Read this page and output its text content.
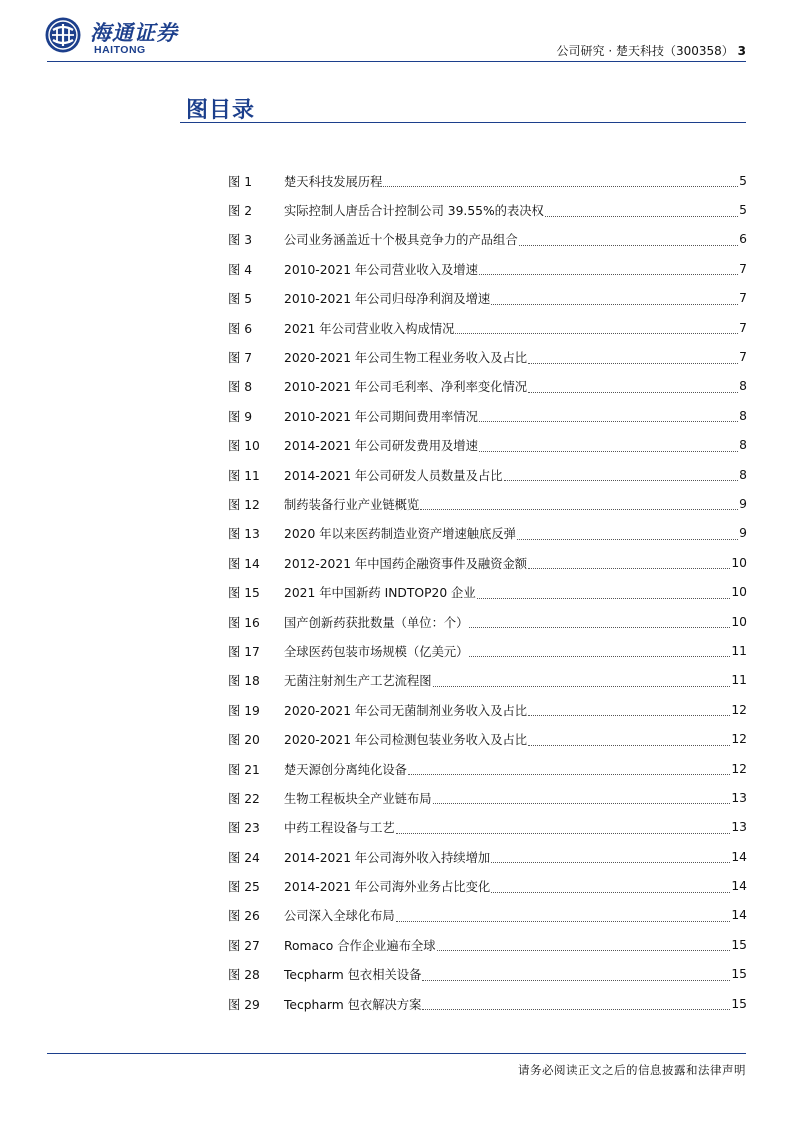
海通证券
HAITONG	公司研究 · 楚天科技（300358） 3
图目录
图 1	楚天科技发展历程	5
图 2	实际控制人唐岳合计控制公司 39.55%的表决权	5
图 3	公司业务涵盖近十个极具竞争力的产品组合	6
图 4	2010-2021 年公司营业收入及增速	7
图 5	2010-2021 年公司归母净利润及增速	7
图 6	2021 年公司营业收入构成情况	7
图 7	2020-2021 年公司生物工程业务收入及占比	7
图 8	2010-2021 年公司毛利率、净利率变化情况	8
图 9	2010-2021 年公司期间费用率情况	8
图 10	2014-2021 年公司研发费用及增速	8
图 11	2014-2021 年公司研发人员数量及占比	8
图 12	制药装备行业产业链概览	9
图 13	2020 年以来医药制造业资产增速触底反弹	9
图 14	2012-2021 年中国药企融资事件及融资金额	10
图 15	2021 年中国新药 INDTOP20 企业	10
图 16	国产创新药获批数量（单位：个）	10
图 17	全球医药包装市场规模（亿美元）	11
图 18	无菌注射剂生产工艺流程图	11
图 19	2020-2021 年公司无菌制剂业务收入及占比	12
图 20	2020-2021 年公司检测包装业务收入及占比	12
图 21	楚天源创分离纯化设备	12
图 22	生物工程板块全产业链布局	13
图 23	中药工程设备与工艺	13
图 24	2014-2021 年公司海外收入持续增加	14
图 25	2014-2021 年公司海外业务占比变化	14
图 26	公司深入全球化布局	14
图 27	Romaco 合作企业遍布全球	15
图 28	Tecpharm 包衣相关设备	15
图 29	Tecpharm 包衣解决方案	15
请务必阅读正文之后的信息披露和法律声明
